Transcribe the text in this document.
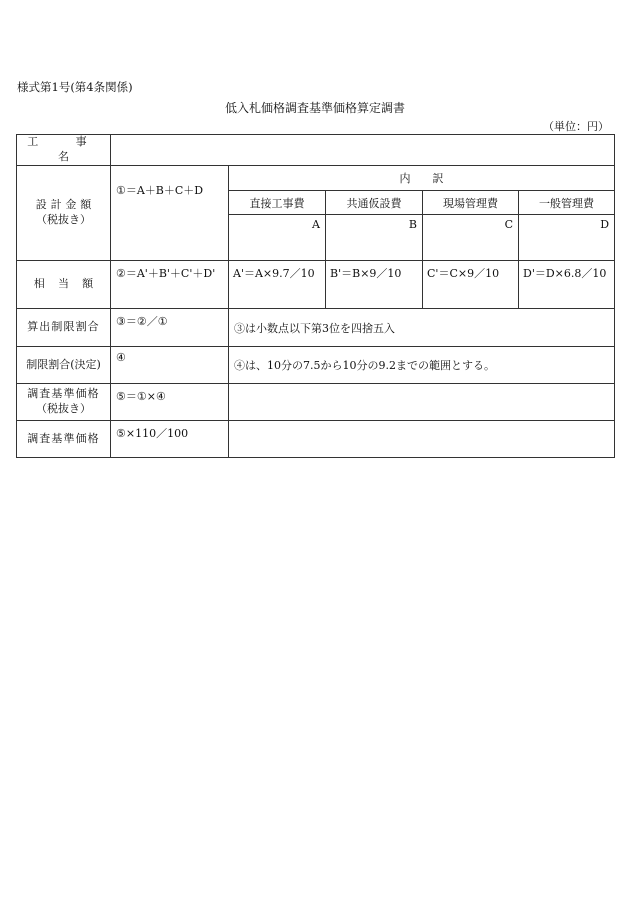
様式第1号(第4条関係)
低入札価格調査基準価格算定調書
（単位：円）
工　事　名					
設計金額
（税抜き）	①＝A＋B＋C＋D	内　　訳			
		直接工事費	共通仮設費	現場管理費	一般管理費
		A	B	C	D
相当額	②＝A'＋B'＋C'＋D'	A'＝A×9.7／10	B'＝B×9／10	C'＝C×9／10	D'＝D×6.8／10
算出制限割合	③＝②／①	③は小数点以下第3位を四捨五入			
制限割合(決定)	④	④は、10分の7.5から10分の9.2までの範囲とする。			
調査基準価格
（税抜き）	⑤＝①×④				
調査基準価格	⑤×110／100				
